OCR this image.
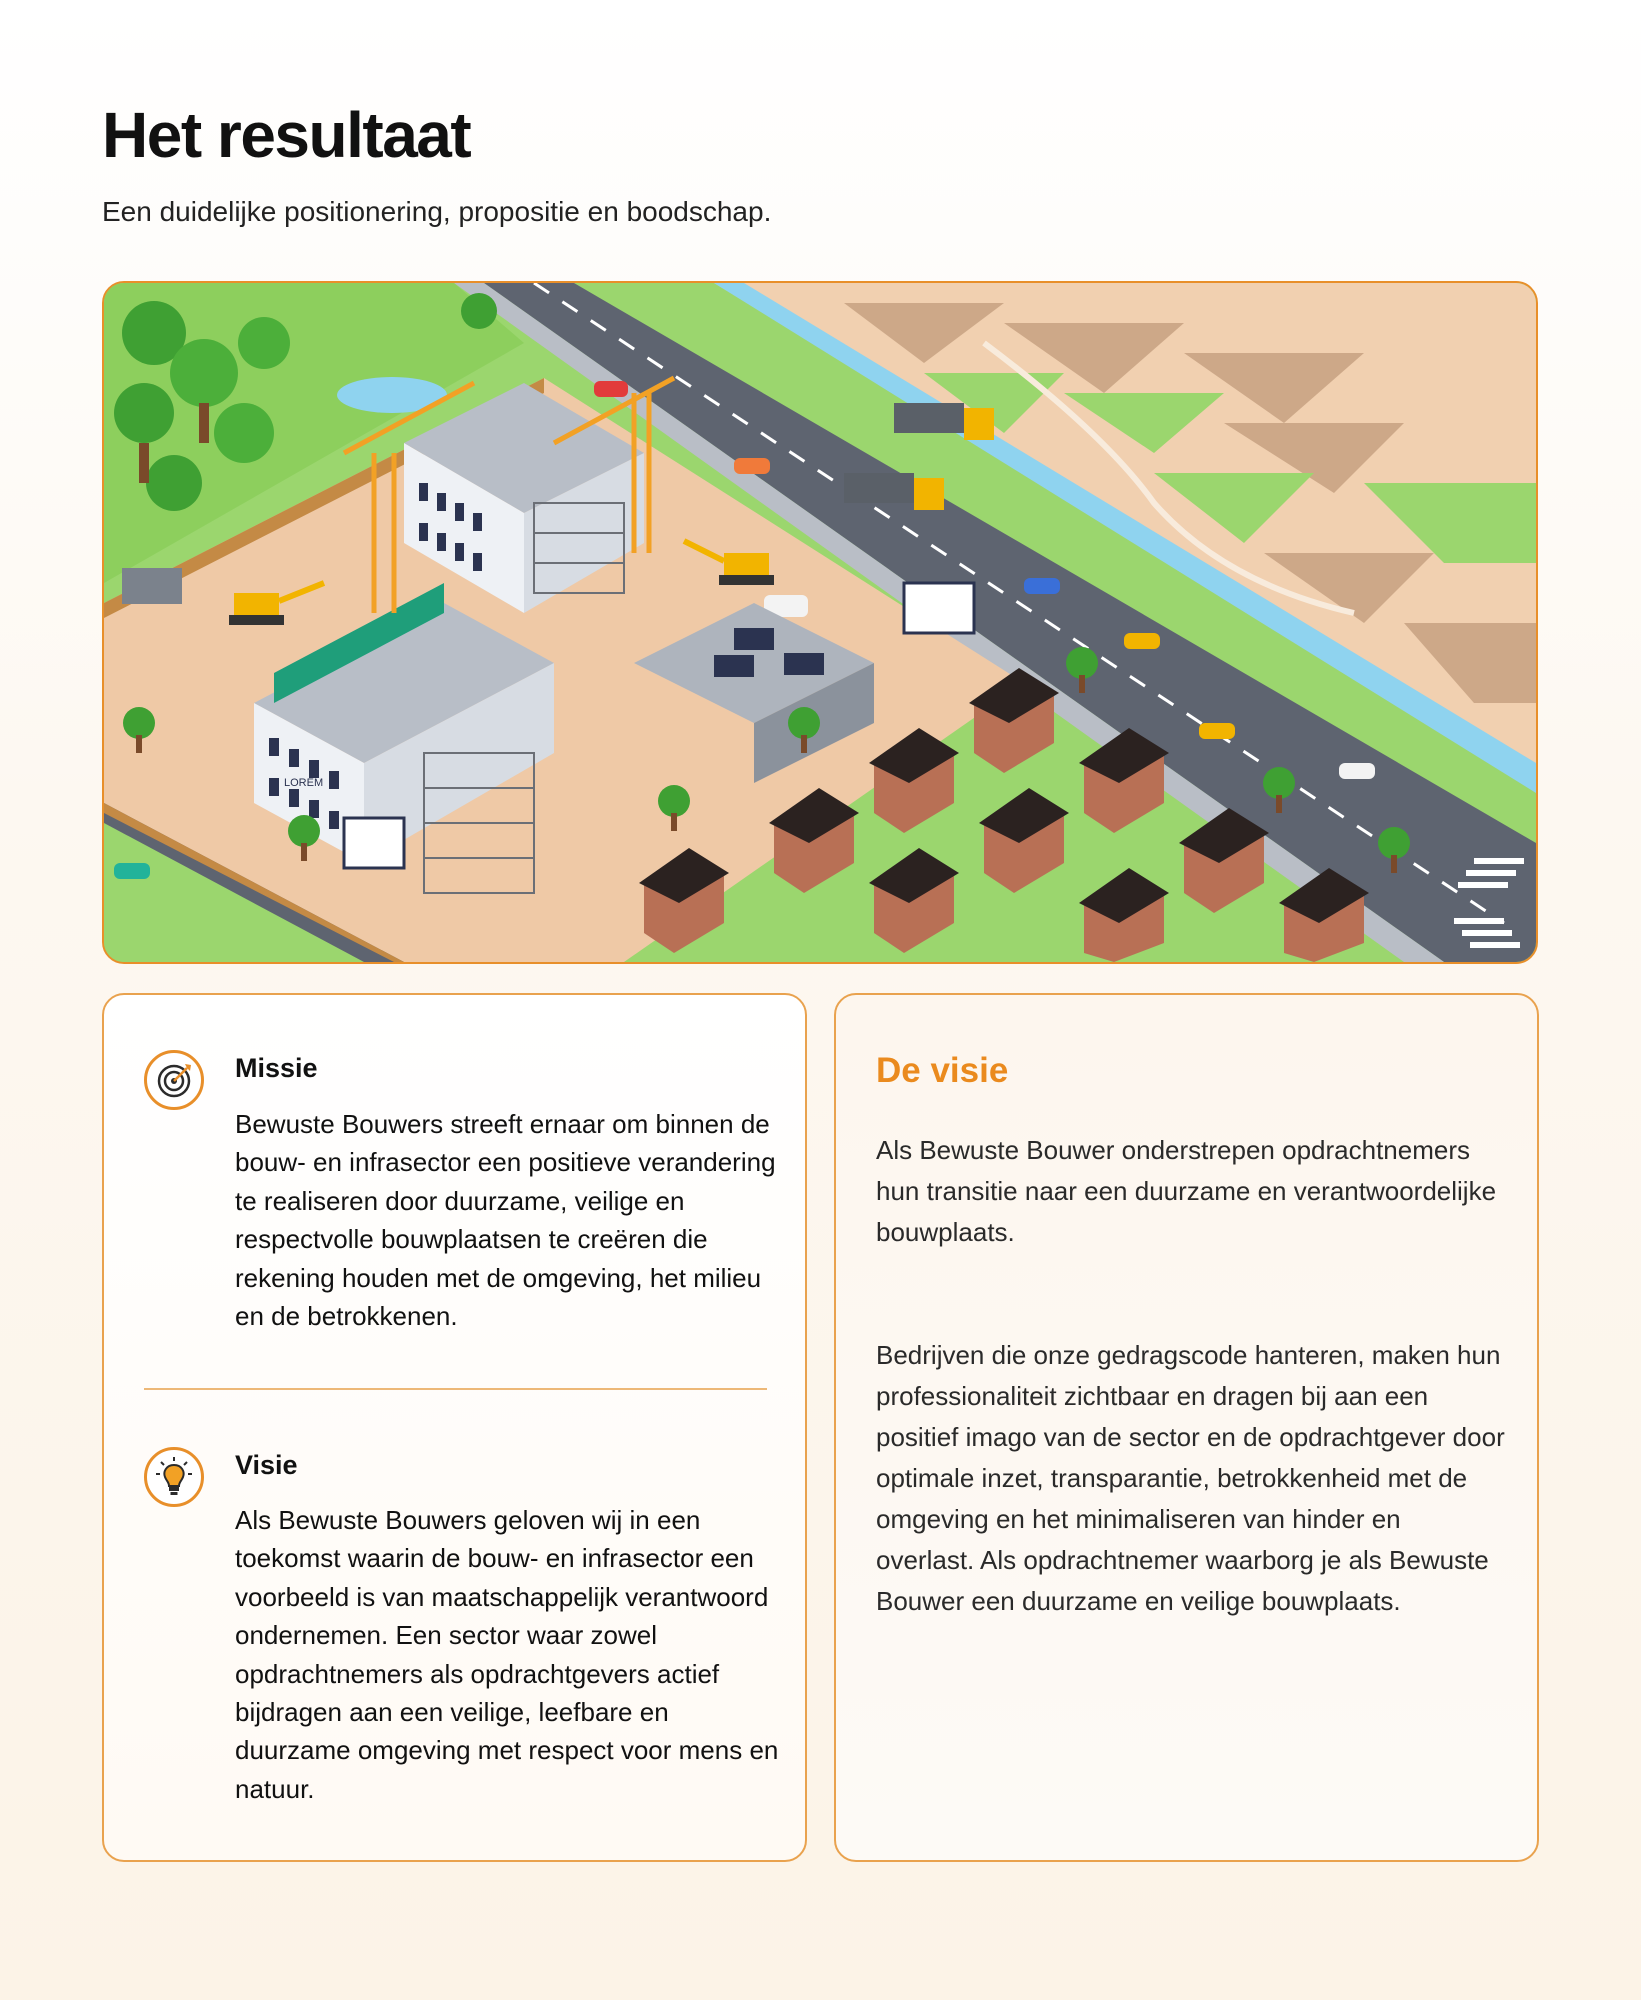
Het resultaat

Een duidelijke positionering, propositie en boodschap.

LOREM
Missie

Bewuste Bouwers streeft ernaar om binnen de bouw- en infrasector een positieve verandering te realiseren door duurzame, veilige en respectvolle bouwplaatsen te creëren die rekening houden met de omgeving, het milieu en de betrokkenen.

Visie

Als Bewuste Bouwers geloven wij in een toekomst waarin de bouw- en infrasector een voorbeeld is van maatschappelijk verantwoord ondernemen. Een sector waar zowel opdrachtnemers als opdrachtgevers actief bijdragen aan een veilige, leefbare en duurzame omgeving met respect voor mens en natuur.

De visie

Als Bewuste Bouwer onderstrepen opdrachtnemers hun transitie naar een duurzame en verantwoordelijke bouwplaats.

Bedrijven die onze gedragscode hanteren, maken hun professionaliteit zichtbaar en dragen bij aan een positief imago van de sector en de opdrachtgever door optimale inzet, transparantie, betrokkenheid met de omgeving en het minimaliseren van hinder en overlast. Als opdrachtnemer waarborg je als Bewuste Bouwer een duurzame en veilige bouwplaats.
